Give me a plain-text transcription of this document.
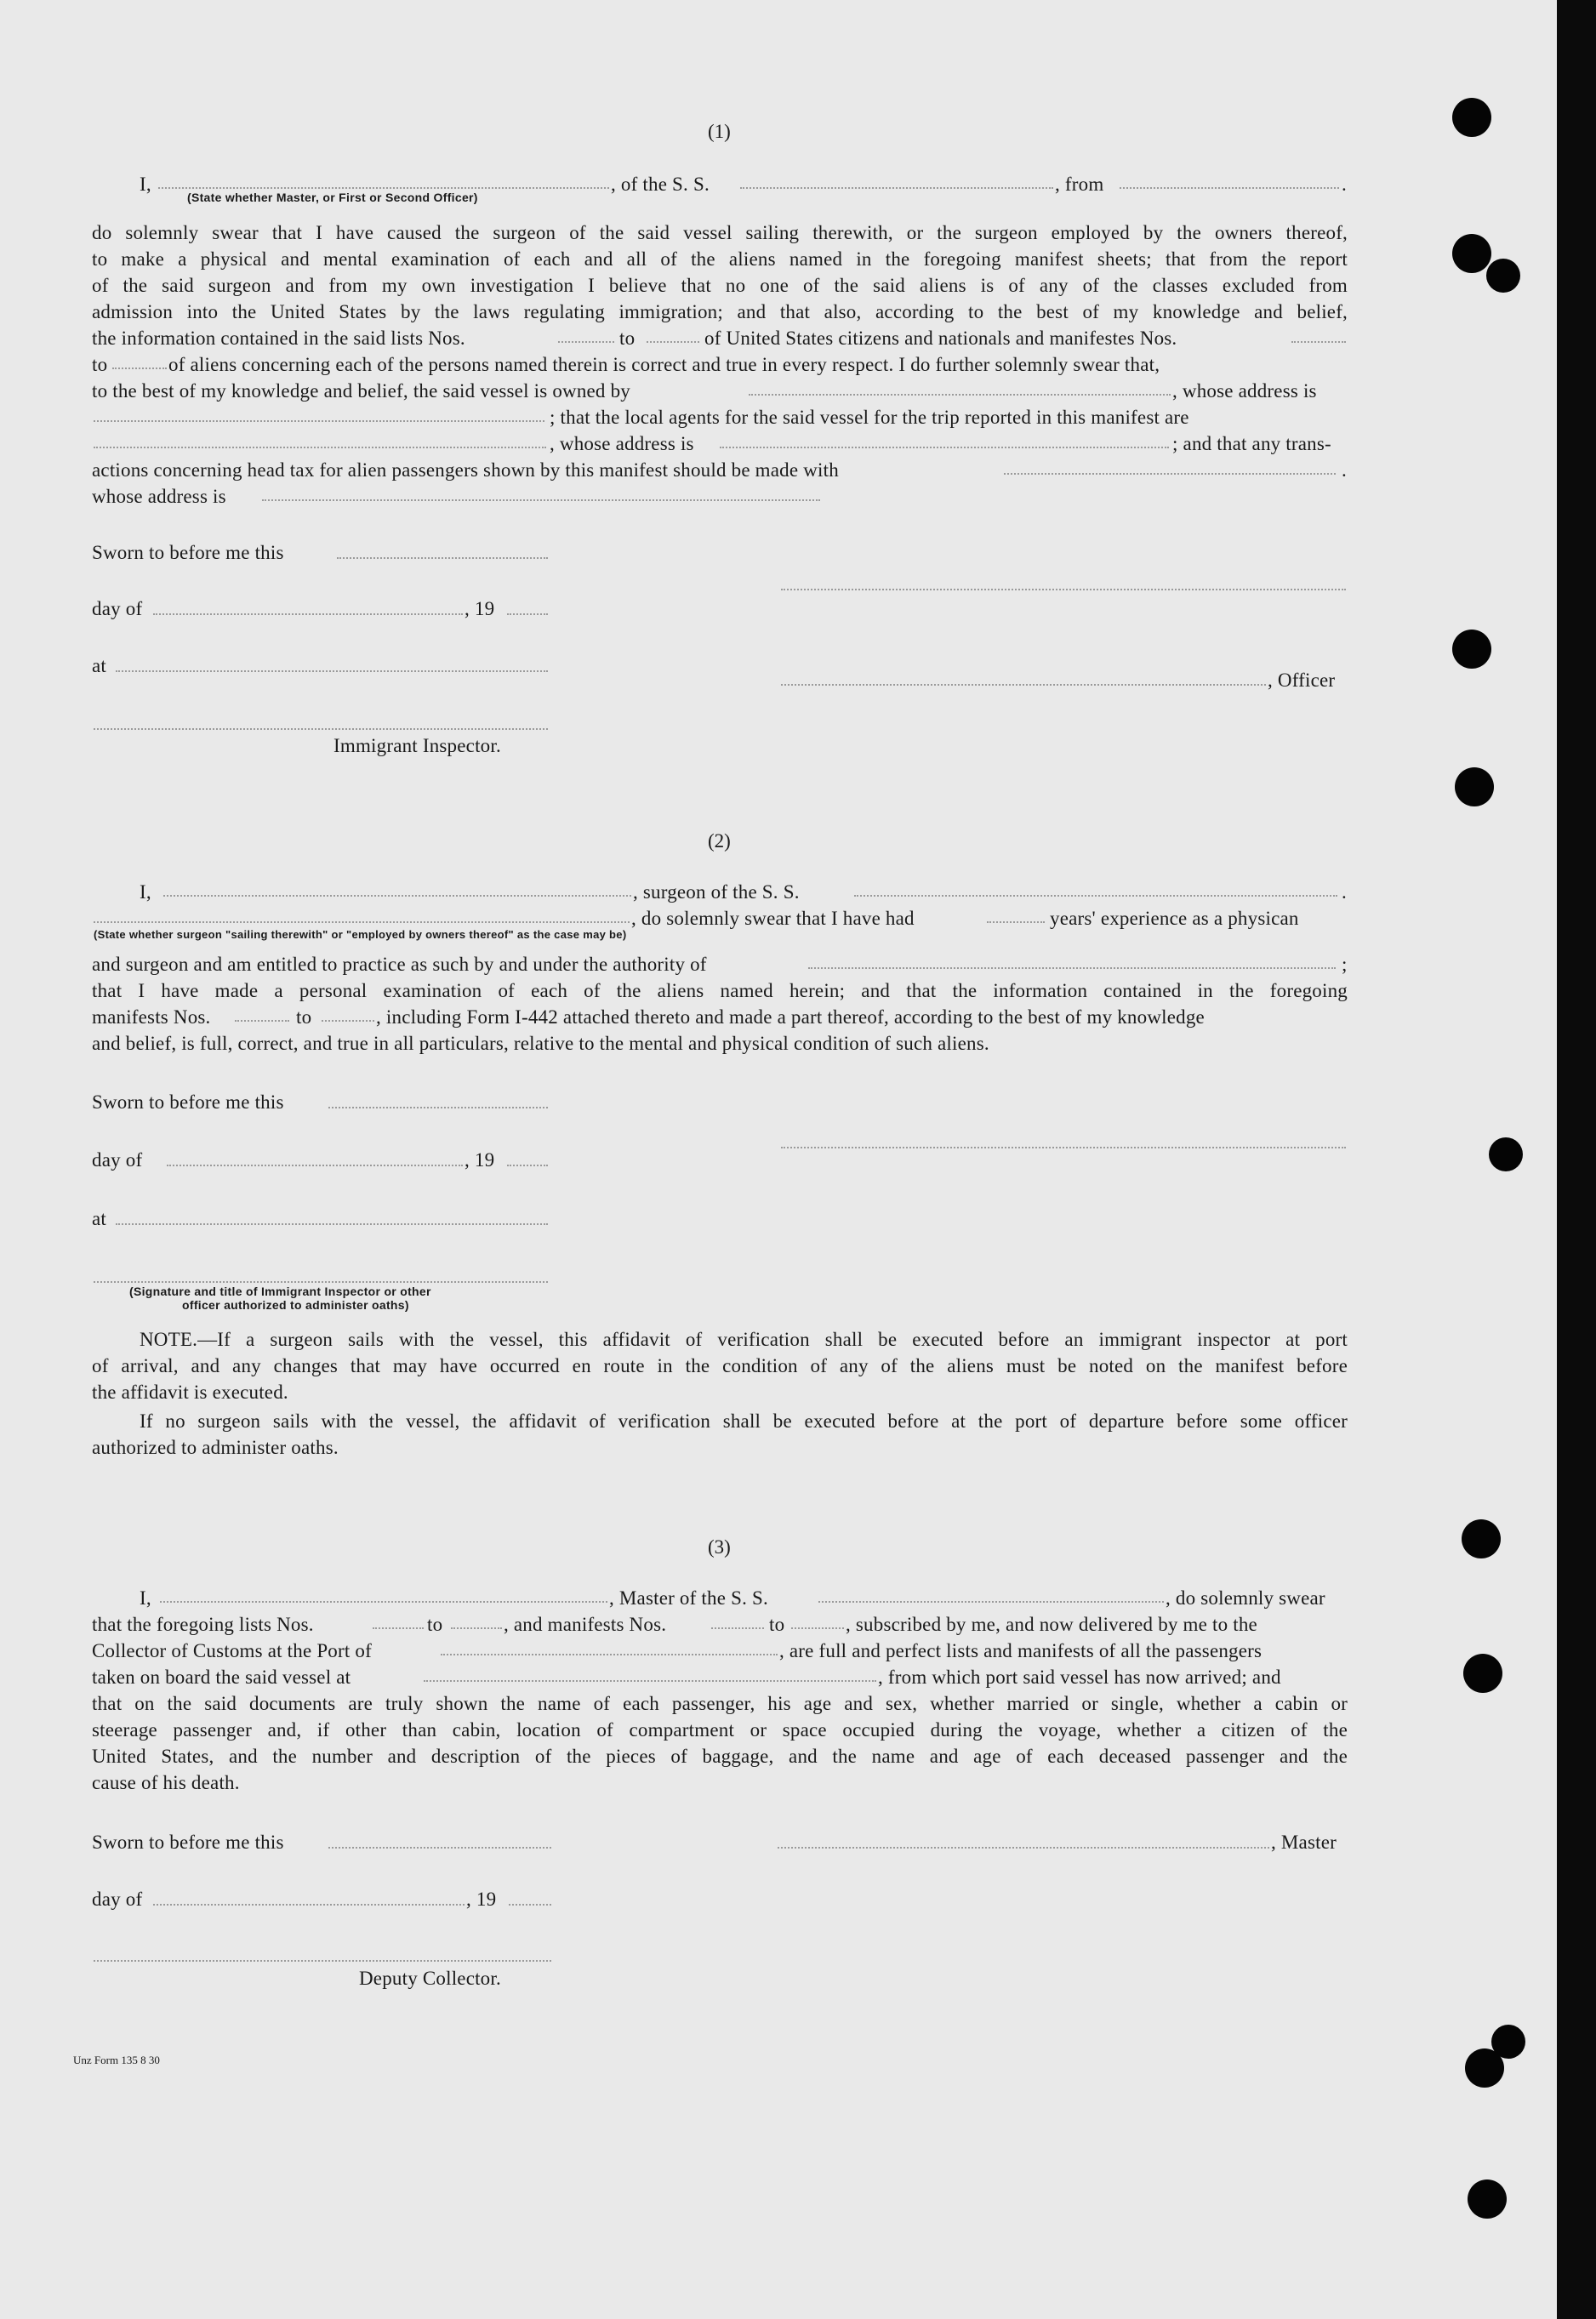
(1)
I,	, of the S. S.	, from	.
(State whether Master, or First or Second Officer)
do solemnly swear that I have caused the surgeon of the said vessel sailing therewith, or the surgeon employed by the owners thereof,
to make a physical and mental examination of each and all of the aliens named in the foregoing manifest sheets; that from the report
of the said surgeon and from my own investigation I believe that no one of the said aliens is of any of the classes excluded from
admission into the United States by the laws regulating immigration; and that also, according to the best of my knowledge and belief,
the information contained in the said lists Nos.	to	of United States citizens and nationals and manifestes Nos.
to	of aliens concerning each of the persons named therein is correct and true in every respect. I do further solemnly swear that,
to the best of my knowledge and belief, the said vessel is owned by	, whose address is
; that the local agents for the said vessel for the trip reported in this manifest are
, whose address is	; and that any trans-
actions concerning head tax for alien passengers shown by this manifest should be made with	.
whose address is
Sworn to before me this
day of	, 19
at
, Officer
Immigrant Inspector.
(2)
I,	, surgeon of the S. S.	.
, do solemnly swear that I have had	years' experience as a physican
(State whether surgeon "sailing therewith" or "employed by owners thereof" as the case may be)
and surgeon and am entitled to practice as such by and under the authority of	;
that I have made a personal examination of each of the aliens named herein; and that the information contained in the foregoing
manifests Nos.	to	, including Form I-442 attached thereto and made a part thereof, according to the best of my knowledge
and belief, is full, correct, and true in all particulars, relative to the mental and physical condition of such aliens.
Sworn to before me this
day of	, 19
at
(Signature and title of Immigrant Inspector or other
officer authorized to administer oaths)
NOTE.—If a surgeon sails with the vessel, this affidavit of verification shall be executed before an immigrant inspector at port
of arrival, and any changes that may have occurred en route in the condition of any of the aliens must be noted on the manifest before
the affidavit is executed.
If no surgeon sails with the vessel, the affidavit of verification shall be executed before at the port of departure before some officer
authorized to administer oaths.
(3)
I,	, Master of the S. S.	, do solemnly swear
that the foregoing lists Nos.	to	, and manifests Nos.	to	, subscribed by me, and now delivered by me to the
Collector of Customs at the Port of	, are full and perfect lists and manifests of all the passengers
taken on board the said vessel at	, from which port said vessel has now arrived; and
that on the said documents are truly shown the name of each passenger, his age and sex, whether married or single, whether a cabin or
steerage passenger and, if other than cabin, location of compartment or space occupied during the voyage, whether a citizen of the
United States, and the number and description of the pieces of baggage, and the name and age of each deceased passenger and the
cause of his death.
Sworn to before me this	, Master
day of	, 19
Deputy Collector.
Unz Form 135 8 30
